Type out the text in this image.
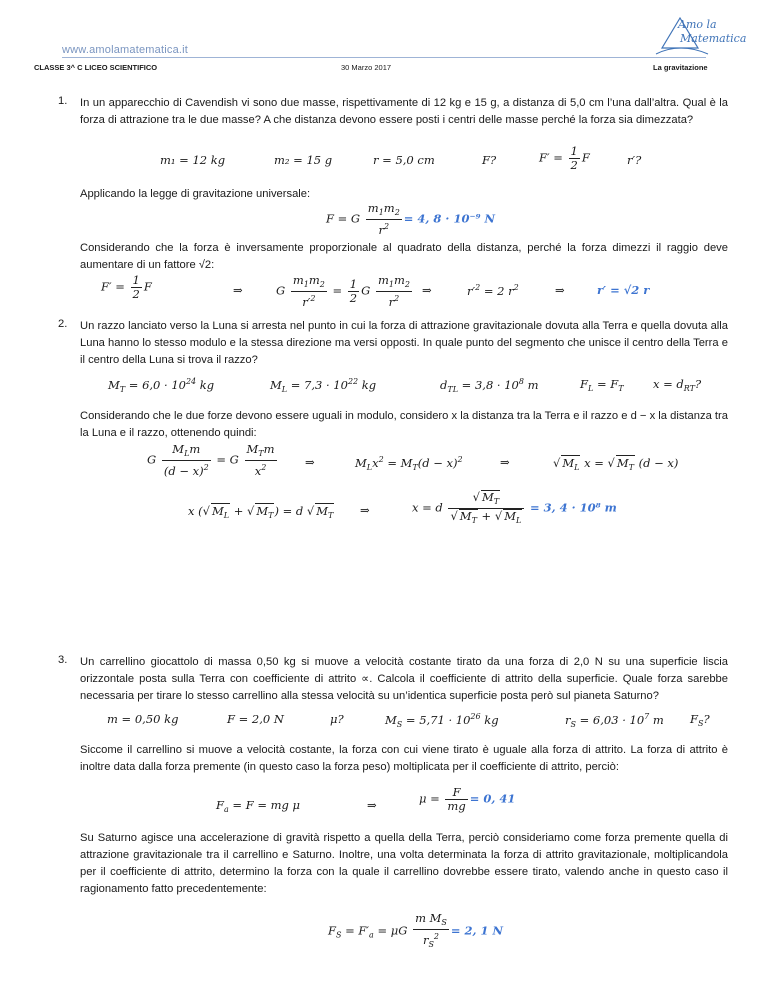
www.amolamatematica.it
CLASSE 3^ C LICEO SCIENTIFICO	30 Marzo 2017	La gravitazione
Amo la
Matematica
1. In un apparecchio di Cavendish vi sono due masse, rispettivamente di 12 kg e 15 g, a distanza di 5,0 cm l’una dall’altra. Qual è la forza di attrazione tra le due masse? A che distanza devono essere posti i centri delle masse perché la forza sia dimezzata?
m₁ = 12 kg	m₂ = 15 g	r = 5,0 cm	F?	$F' = \frac{1}{2}$ F	r′?
Applicando la legge di gravitazione universale:
F = G $\frac{m_1m_2}{r^2} = 4$, 8 · 10⁻⁹ N
Considerando che la forza è inversamente proporzionale al quadrato della distanza, perché la forza dimezzi il raggio deve aumentare di un fattore √2:
$F' = \frac{1}{2}$ F	⇒	G $\frac{m_1m_2}{r'^2} = \frac{1}{2}$ G $\frac{m_1m_2}{r^2}$ ⇒	$r'^2 = 2$ $r^2$	⇒	r′ = √2 r
2. Un razzo lanciato verso la Luna si arresta nel punto in cui la forza di attrazione gravitazionale dovuta alla Terra e quella dovuta alla Luna hanno lo stesso modulo e la stessa direzione ma versi opposti. In quale punto del segmento che unisce il centro della Terra e il centro della Luna si trova il razzo?
$M_T = 6,0 \cdot 10^{24}$ kg	$M_L = 7,3 \cdot 10^{22}$ kg	$d_{TL} = 3,8 \cdot 10^8$ m	$F_L = F_T$	$x = d_{RT}$?
Considerando che le due forze devono essere uguali in modulo, considero x la distanza tra la Terra e il razzo e d − x la distanza tra la Luna e il razzo, ottenendo quindi:
G $\frac{M_Lm}{(d - x)^2} = G \frac{M_Tm}{x^2}$ ⇒	$M_Lx^2 = M_T(d - x)^2$	⇒	√ $M_L$ x = √ $M_T$ (d − x)
x (√ $M_L$ + √ $M_T) = d$ √ $M_T$ ⇒	x = d $\frac{√ M_T}{√ M_T + √ M_L} = 3$, 4 · 10⁸ m
3. Un carrellino giocattolo di massa 0,50 kg si muove a velocità costante tirato da una forza di 2,0 N su una superficie liscia orizzontale posta sulla Terra con coefficiente di attrito ∝. Calcola il coefficiente di attrito della superficie. Quale forza sarebbe necessaria per tirare lo stesso carrellino alla stessa velocità su un’identica superficie posta però sul pianeta Saturno?
m = 0,50 kg	F = 2,0 N	μ?	$M_S = 5,71 \cdot 10^{26}$ kg	$r_S = 6,03 \cdot 10^7$ m $F_S$?
Siccome il carrellino si muove a velocità costante, la forza con cui viene tirato è uguale alla forza di attrito. La forza di attrito è inoltre data dalla forza premente (in questo caso la forza peso) moltiplicata per il coefficiente di attrito, perciò:
$F_a = F$ = mg μ	⇒	$\mu = \frac{F}{mg} = 0$, 41
Su Saturno agisce una accelerazione di gravità rispetto a quella della Terra, perciò consideriamo come forza premente quella di attrazione gravitazionale tra il carrellino e Saturno. Inoltre, una volta determinata la forza di attrito gravitazionale, moltiplicandola per il coefficiente di attrito, determino la forza con la quale il carrellino dovrebbe essere tirato, valendo anche in questo caso il ragionamento fatto precedentemente:
$F_S = F'_a = \mu G \frac{m M_S}{r_S^2} = 2$, 1 N
